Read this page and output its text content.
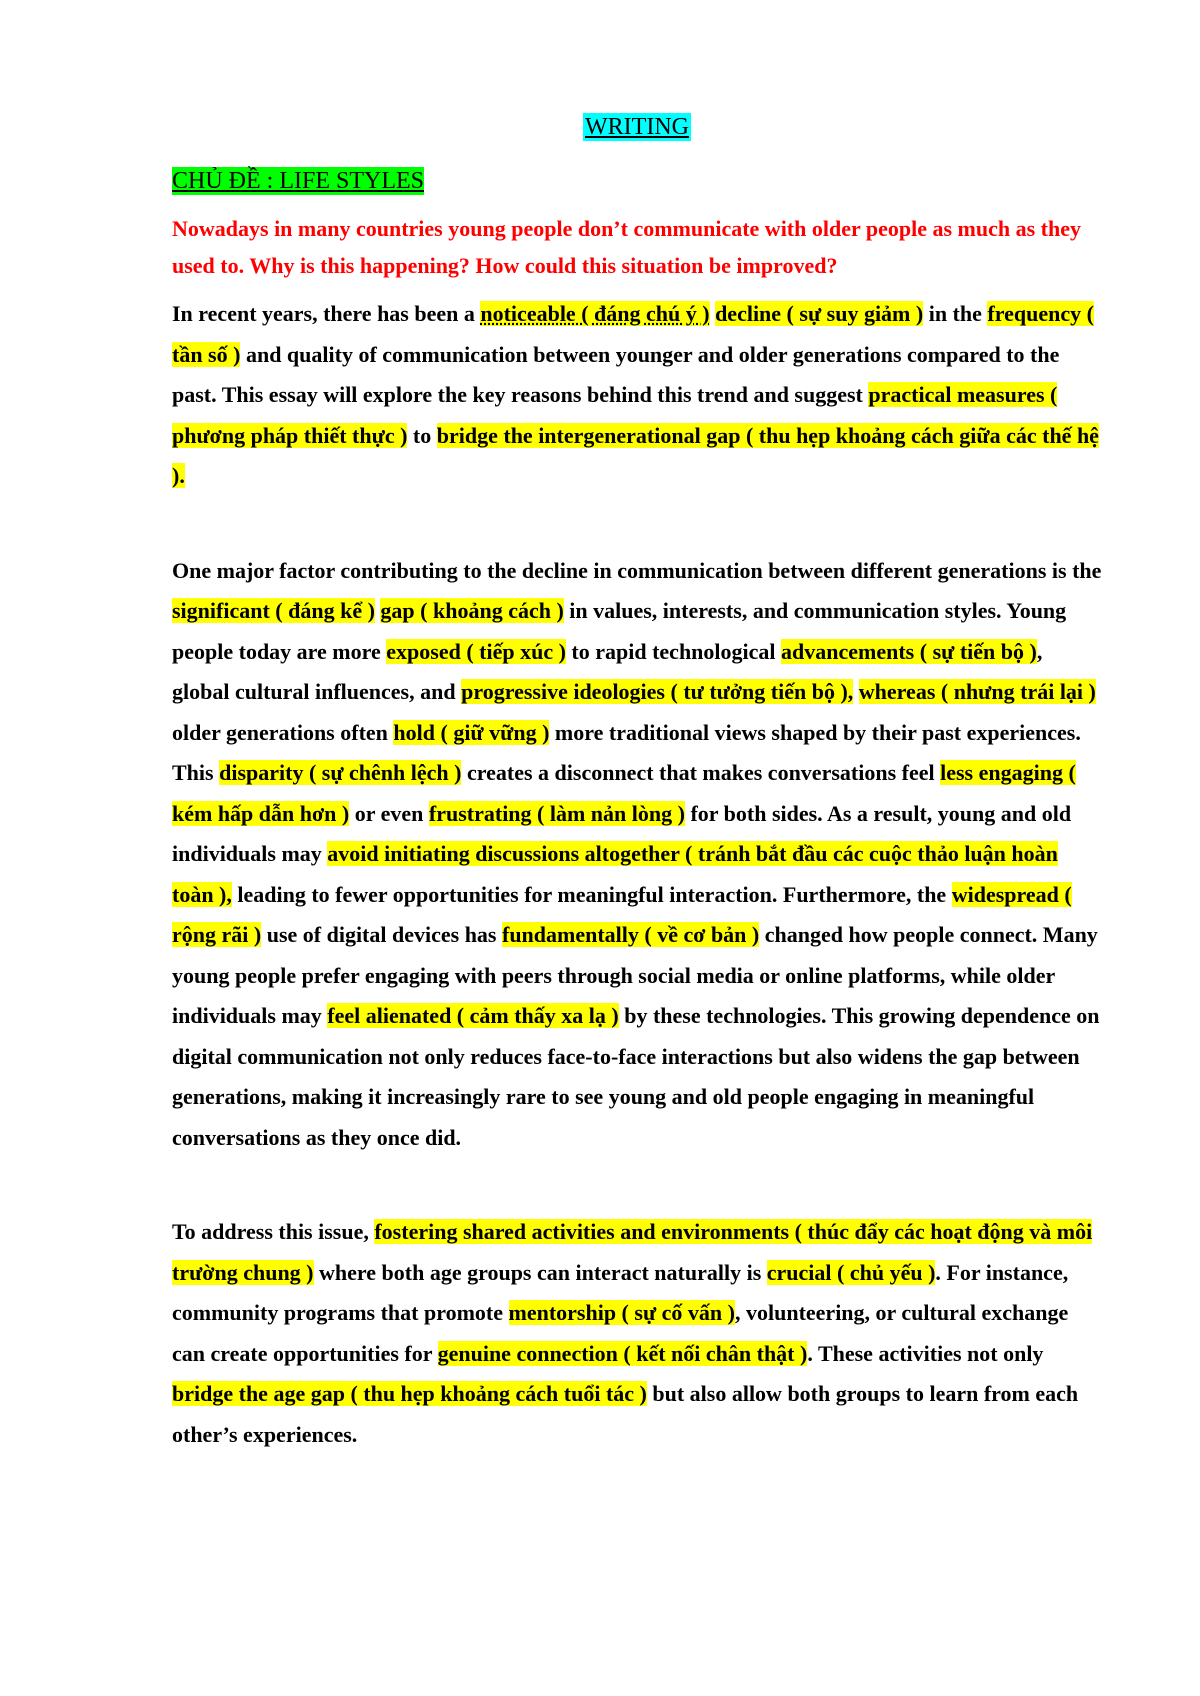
WRITING
CHỦ ĐỀ : LIFE STYLES

Nowadays in many countries young people don’t communicate with older people as much as they used to. Why is this happening? How could this situation be improved?

In recent years, there has been a noticeable ( đáng chú ý ) decline ( sự suy giảm ) in the frequency ( tần số ) and quality of communication between younger and older generations compared to the past. This essay will explore the key reasons behind this trend and suggest practical measures ( phương pháp thiết thực ) to bridge the intergenerational gap ( thu hẹp khoảng cách giữa các thế hệ ).

One major factor contributing to the decline in communication between different generations is the significant ( đáng kể ) gap ( khoảng cách ) in values, interests, and communication styles. Young people today are more exposed ( tiếp xúc ) to rapid technological advancements ( sự tiến bộ ), global cultural influences, and progressive ideologies ( tư tưởng tiến bộ ), whereas ( nhưng trái lại ) older generations often hold ( giữ vững ) more traditional views shaped by their past experiences. This disparity ( sự chênh lệch ) creates a disconnect that makes conversations feel less engaging ( kém hấp dẫn hơn ) or even frustrating ( làm nản lòng ) for both sides. As a result, young and old individuals may avoid initiating discussions altogether ( tránh bắt đầu các cuộc thảo luận hoàn toàn ), leading to fewer opportunities for meaningful interaction. Furthermore, the widespread ( rộng rãi ) use of digital devices has fundamentally ( về cơ bản ) changed how people connect. Many young people prefer engaging with peers through social media or online platforms, while older individuals may feel alienated ( cảm thấy xa lạ ) by these technologies. This growing dependence on digital communication not only reduces face-to-face interactions but also widens the gap between generations, making it increasingly rare to see young and old people engaging in meaningful conversations as they once did.

To address this issue, fostering shared activities and environments ( thúc đẩy các hoạt động và môi trường chung ) where both age groups can interact naturally is crucial ( chủ yếu ). For instance, community programs that promote mentorship ( sự cố vấn ), volunteering, or cultural exchange can create opportunities for genuine connection ( kết nối chân thật ). These activities not only bridge the age gap ( thu hẹp khoảng cách tuổi tác ) but also allow both groups to learn from each other’s experiences.
